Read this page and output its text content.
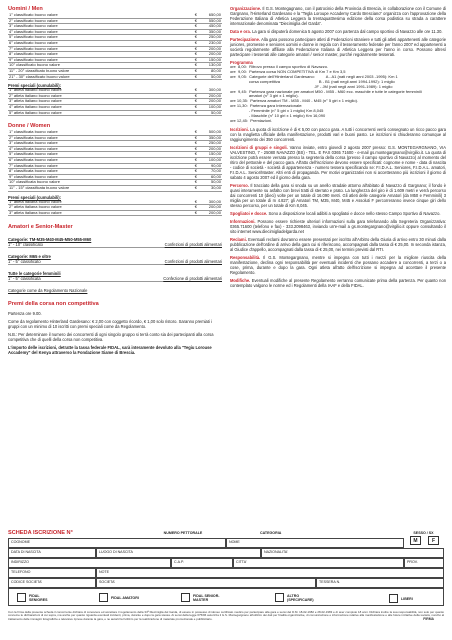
Uomini / Men
1° classificato buono valore	€	650,00
2° classificato buono valore	€	550,00
3° classificato buono valore	€	450,00
4° classificato buono valore	€	350,00
5° classificato buono valore	€	250,00
6° classificato buono valore	€	230,00
7° classificato buono valore	€	200,00
8° classificato buono valore	€	200,00
9° classificato buono valore	€	150,00
10° classificato buono valore	€	130,00
11° - 20° classificato buono valore	€	80,00
21° - 30° classificato buono valore	€	50,00
Premi speciali (cumulabili):
1° atleta italiano buono valore	€	300,00
2° atleta italiano buono valore	€	200,00
3° atleta italiano buono valore	€	200,00
4° atleta italiano buono valore	€	100,00
5° atleta italiano buono valore	€	50,00
Donne / Women
1° classificata buono valore	€	500,00
2° classificata buono valore	€	350,00
3° classificata buono valore	€	250,00
4° classificata buono valore	€	200,00
5° classificata buono valore	€	150,00
6° classificata buono valore	€	100,00
7° classificata buono valore	€	90,00
8° classificata buono valore	€	70,00
9° classificata buono valore	€	60,00
10° classificata buono valore	€	50,00
11° - 15° classificata buono valore	€	30,00
Premi speciali (cumulabili):
1° atleta italiana buono valore	€	300,00
2° atleta italiana buono valore	€	200,00
3° atleta italiana buono valore	€	200,00
Amatori e Senior-Master
Categorie: TM-M35-M40-M45-M50-M55-M60
1° - 10° classificato	Confezioni di prodotti alimentari
Categorie: M65 e oltre
1° - 5° classificato	Confezioni di prodotti alimentari
Tutte le categorie femminili
1° - 5° classificata	Confezione di prodotti alimentari
Categorie come da Regolamento Nazionale
Premi della corsa non competitiva

Partenza ore 9.00.

Come da regolamento Hinterland Gardesano: € 2,00 con coggetto ricordo, € 1,00 solo ristoro. Saranno premiati i gruppi con un minimo di 10 iscritti con premi speciali come da Regolamento.

N.B.: Per determinare il numero dei concorrenti di ogni singolo gruppo si terrà conto sia dei partecipanti alla corsa competitiva che di quelli della corsa non competitiva.

L'importo delle iscrizioni, detratte la tassa federale FIDAL, sarà interamente devoluto alla "Tegiu Lorouse Accademy" del Kenya attraverso la Fondazione Siame di Brescia.

Organizzazione. Il G.S. Montegagnano, con il patrocinio della Provincia di Brescia, in collaborazione con il Comune di Gargnano, l'Hinterland Gardesano e la "Tegla Loroupe Accademy Cardo Bresciano" organizza con l'approvazione della Federazione Italiana di Atletica Leggera la trentaquattresima edizione della corsa podistica su strada a carattere internazionale denominata "Diecimiglia del Garda".

Data e ora. La gara si disputerà domenica 5 agosto 2007 con partenza dal campo sportivo di Navazzo alle ore 11.30.

Partecipazione. Alla gara possono partecipare atleti di Federazioni straniere e tutti gli atleti appartenenti alle categorie juniores, promesse e seniores uomini e donne in regola con il tesseramento federale per l'anno 2007 ed appartenenti a società regolarmente affiliate alla Federazione Italiana di Atletica Leggera per l'anno in corso. Possono altresì partecipare i tesserati alle categorie amatori / senior master, purché regolarmente tesserati.

Programma
ore  8,00:  Ritrovo presso il campo sportivo di Navazzo.
ore  9,00:  Partenza corsa NON COMPETITIVA di Km 7 e Km 3,5
ore  9,05:  Categorie dell'Hinterland Gardesano:          A - A1 (nati negli anni 2003 -1995): Km 1
corsa competitiva                                   B - B1 (nati negli anni 1994-1992): 1 miglio
JF - JM (nati negli anni 1991-1989): 1 miglio
ore  9,45:  Partenza gara nazionale per amatori M50 - M55 - M60 ecc. maschile e tutte le categorie femminili
amatori (n° 3 giri x 1 miglio).
ore 10,35:  Partenza amatori TM - M35 - M40 - M45 (n° 5 giri x 1 miglio).
ore 11,30:  Partenza gara Internazionale:
- Femminile (n° 5 giri x 1 miglio) Km 8,045
- Maschile (n° 10 giri x 1 miglio) Km 16,090
ore 12,45:  Premiazioni.

Iscrizioni. La quota di iscrizione è di € 5,00 con pacco gara. A tutti i concorrenti verrà consegnato un ricco pacco gara con la maglietta ufficiale della manifestazione, prodotti vari e buoni pasto. Le iscrizioni si chiuderanno comunque al raggiungimento dei 350 concorrenti.

Iscrizioni di gruppi e singoli. Vanno inviate, entro giovedì 2 agosto 2007 presso: G.S. MONTEGARGNANO, VIA VALVESTINO, 7 - 25080 NAVAZZO (BS) - TEL. E FAX 0365 71600 - e-mail gs.montegargnano@virgilio.it. La quota di iscrizione potrà essere versata presso la segreteria della corsa (presso il campo sportivo di Navazzo) al momento del ritiro del pettorale e del pacco gara. All'atto dell'iscrizione devono essere specificati: cognome e nome - data di nascita - codice di società - società di appartenenza - numero tessera specificando se: F.I.D.A.L. Seniores, F.I.D.A.L. amatori, F.I.D.A.L. Senior/Master. Altri enti di propaganda. Per motivi organizzativi non si accetteranno più iscrizioni il giorno di sabato 4 agosto 2007 ed il giorno della gara.

Percorso. Il tracciato della gara si snoda su un anello stradale attorno all'abitato di Navazzo di Gargnano; il fondo è quasi interamente su asfalto con brevi tratti di sterrato e prato. La lunghezza del giro è di 1.609 metri e verrà percorso dai concorrenti 10 (dieci) volte per un totale di 16.090 metri. Gli atleti delle categorie Amatori (da M50 e Femminili) 3 miglia per un totale di m 4.827; gli Amatori TM, M35, M40, M45 e Assoluti F percorreranno invece cinque giri dello stesso percorso, per un totale di Km 8,045.

Spogliatoi e docce. Sono a disposizione locali adibiti a spogliatoi e docce nello stesso Campo Sportivo di Navazzo.

Informazioni. Possono essere richieste ulteriori informazioni sulla gara telefonando alla Segreteria Organizzativa: 0365.71600 (telefono e fax) - 333.2098463, inviando un'e-mail a gs.montegargnano@virgilio.it oppure consultando il sito internet www.diecimigliadelgarda.net

Reclami. Eventuali reclami dovranno essere presentati per iscritto all'Arbitro della Giuria di arrivo entro 30 minuti dalla pubblicazione dell'ordine di arrivo della gara cui si riferiscono, accompagnati dalla tassa di € 25,00. In seconda istanza, al Giudice d'appello, accompagnati dalla tassa di € 25,00, nei termini previsti dal RTI.

Responsabilità. Il G.S. Montegargnano, mentre si impegna con tutti i mezzi per la migliore riuscita della manifestazione, declina ogni responsabilità per eventuali incidenti che possano accadere a concorrenti, a terzi o a cose, prima, durante e dopo la gara. Ogni atleta all'atto dell'iscrizione si impegna ad accettare il presente Regolamento.

Modifiche. Eventuali modifiche al presente Regolamento verranno comunicate prima della partenza. Per quanto non contemplato valgono le norme ed i Regolamenti della IAAF e della FIDAL.

SCHEDA ISCRIZIONE N°	NUMERO PETTORALE	CATEGORIA	SESSO / SX
M	F
COGNOME	NOME
DATA DI NASCITA	LUOGO DI NASCITA	NAZIONALITA'
INDIRIZZO	C.A.P.	CITTA'	PROV.
TELEFONO	NOTE
CODICE SOCIETA'	SOCIETA'	TESSERA N.
FIDAL SENIORES	FIDAL AMATORI	FIDAL SENIOR-MASTER
ALTRO (SPECIFICARE)	LIBERI
Con la firma della presente scheda il concorrente dichiara di conoscere ed accettare il regolamento della 34ª Diecimiglia del Garda, di essere in possesso di idoneo certificato medico per partecipare alla gara e sensi del D.M. 18-02-1982 e 28-02-1983 e di aver compiuto 18 anni. Dichiara inoltre la sua responsabilità, non solo per quanto concerne le dichiarazioni di cui sopra, ma anche per quanto riguarda eventuali incidenti, prima, durante e dopo la gara stessa. Ai sensi della legge 675/96 autorizza il G.S. Montegargnano all'utilizzo dei dati per finalità organizzative, di comunicazione e informazione relative alla manifestazione e alle future iniziative della società, nonché al trattamento delle immagini fotografiche e televisive riprese durante la gara, e ne autorizza l'utilizzo per la realizzazione di materiale promozionale e pubblicitario.	FIRMA
